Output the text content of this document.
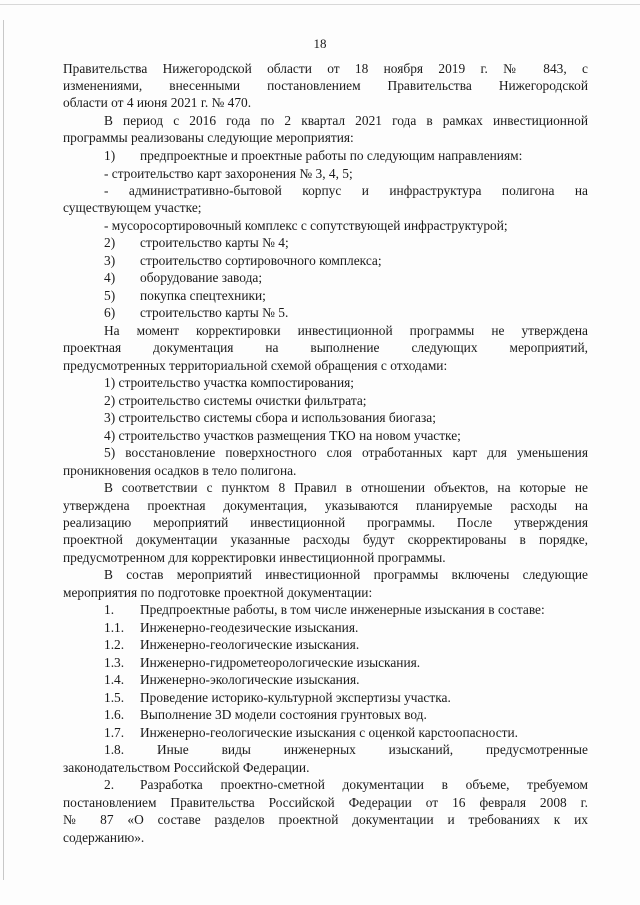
18
Правительства Нижегородской области от 18 ноября 2019 г. № 843, с
изменениями, внесенными постановлением Правительства Нижегородской
области от 4 июня 2021 г. № 470.
В период с 2016 года по 2 квартал 2021 года в рамках инвестиционной
программы реализованы следующие мероприятия:
1) предпроектные и проектные работы по следующим направлениям:
- строительство карт захоронения № 3, 4, 5;
- административно-бытовой корпус и инфраструктура полигона на
существующем участке;
- мусоросортировочный комплекс с сопутствующей инфраструктурой;
2) строительство карты № 4;
3) строительство сортировочного комплекса;
4) оборудование завода;
5) покупка спецтехники;
6) строительство карты № 5.
На момент корректировки инвестиционной программы не утверждена
проектная документация на выполнение следующих мероприятий,
предусмотренных территориальной схемой обращения с отходами:
1) строительство участка компостирования;
2) строительство системы очистки фильтрата;
3) строительство системы сбора и использования биогаза;
4) строительство участков размещения ТКО на новом участке;
5) восстановление поверхностного слоя отработанных карт для уменьшения
проникновения осадков в тело полигона.
В соответствии с пунктом 8 Правил в отношении объектов, на которые не
утверждена проектная документация, указываются планируемые расходы на
реализацию мероприятий инвестиционной программы. После утверждения
проектной документации указанные расходы будут скорректированы в порядке,
предусмотренном для корректировки инвестиционной программы.
В состав мероприятий инвестиционной программы включены следующие
мероприятия по подготовке проектной документации:
1. Предпроектные работы, в том числе инженерные изыскания в составе:
1.1. Инженерно-геодезические изыскания.
1.2. Инженерно-геологические изыскания.
1.3. Инженерно-гидрометеорологические изыскания.
1.4. Инженерно-экологические изыскания.
1.5. Проведение историко-культурной экспертизы участка.
1.6. Выполнение 3D модели состояния грунтовых вод.
1.7. Инженерно-геологические изыскания с оценкой карстоопасности.
1.8. Иные виды инженерных изысканий, предусмотренные
законодательством Российской Федерации.
2. Разработка проектно-сметной документации в объеме, требуемом
постановлением Правительства Российской Федерации от 16 февраля 2008 г.
№ 87 «О составе разделов проектной документации и требованиях к их
содержанию».
